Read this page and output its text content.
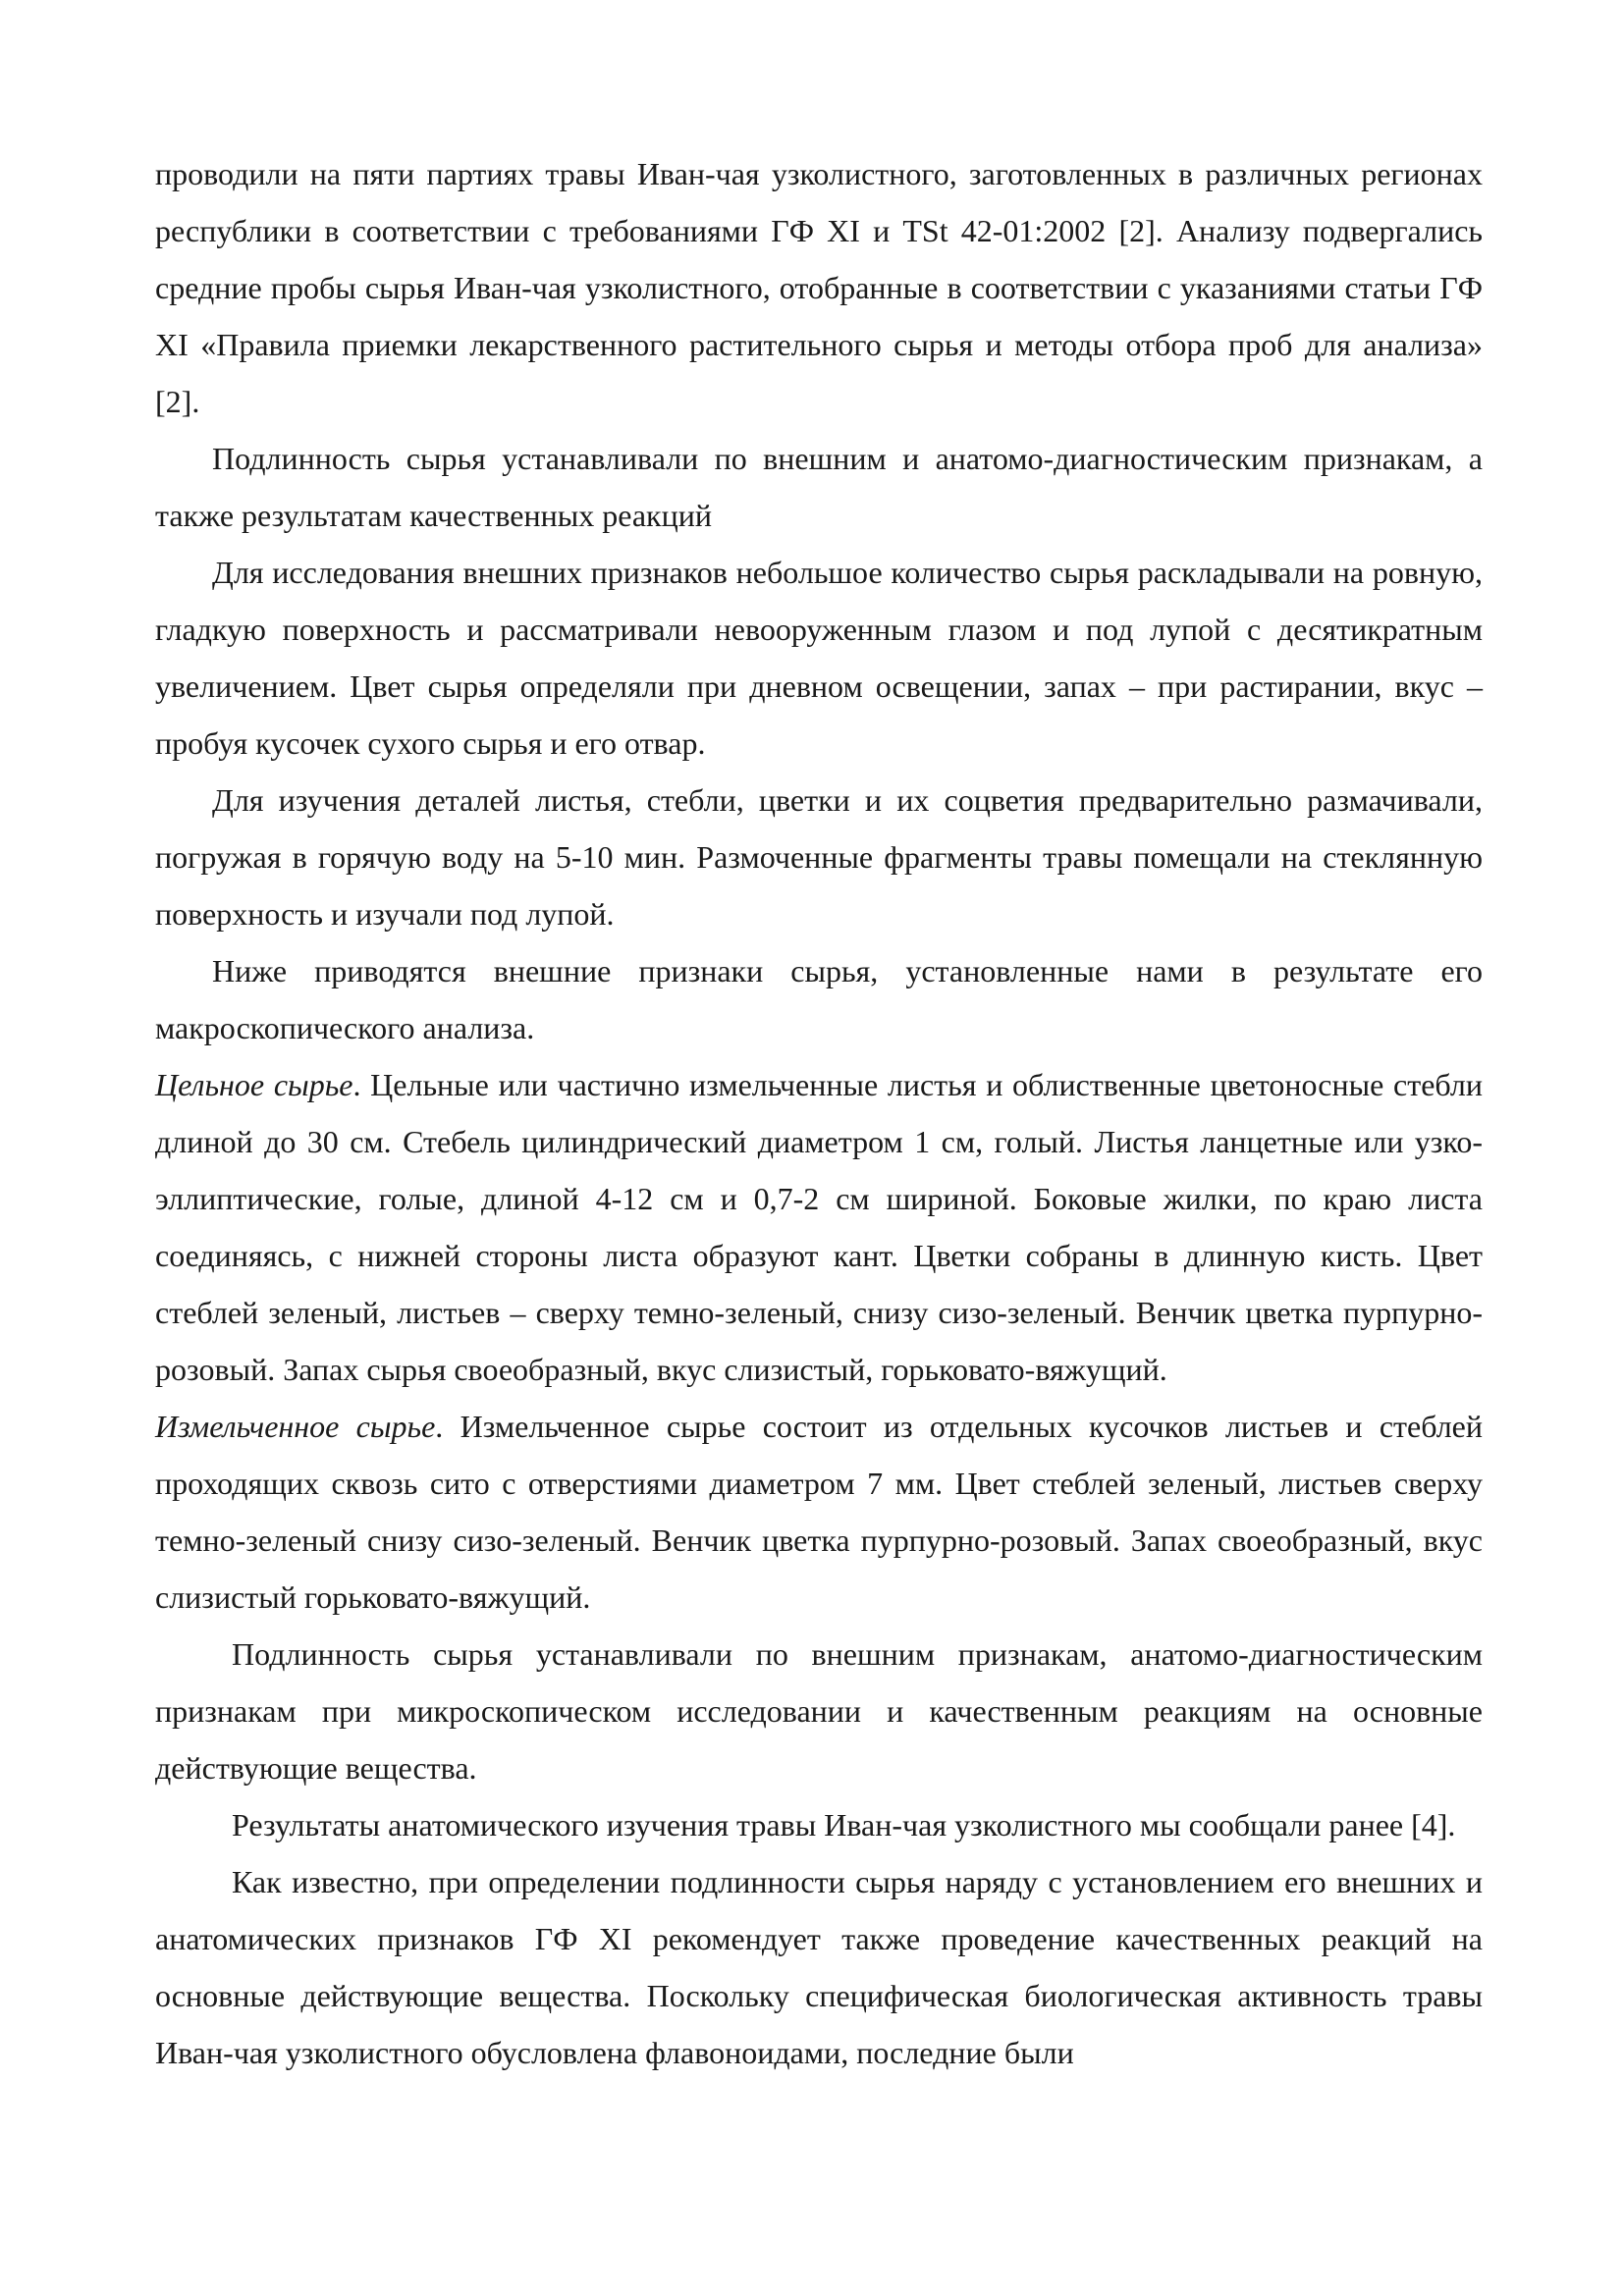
проводили на пяти партиях травы Иван-чая узколистного, заготовленных в различных регионах республики в соответствии с требованиями ГФ XI и TSt 42-01:2002 [2]. Анализу подвергались средние пробы сырья Иван-чая узколистного, отобранные в соответствии с указаниями статьи ГФ XI «Правила приемки лекарственного растительного сырья и методы отбора проб для анализа» [2].

Подлинность сырья устанавливали по внешним и анатомо-диагностическим признакам, а также результатам качественных реакций

Для исследования внешних признаков небольшое количество сырья раскладывали на ровную, гладкую поверхность и рассматривали невооруженным глазом и под лупой с десятикратным увеличением. Цвет сырья определяли при дневном освещении, запах – при растирании, вкус – пробуя кусочек сухого сырья и его отвар.

Для изучения деталей листья, стебли, цветки и их соцветия предварительно размачивали, погружая в горячую воду на 5-10 мин. Размоченные фрагменты травы помещали на стеклянную поверхность и изучали под лупой.

Ниже приводятся внешние признаки сырья, установленные нами в результате его макроскопического анализа.

Цельное сырье. Цельные или частично измельченные листья и облиственные цветоносные стебли длиной до 30 см. Стебель цилиндрический диаметром 1 см, голый. Листья ланцетные или узко-эллиптические, голые, длиной 4-12 см и 0,7-2 см шириной. Боковые жилки, по краю листа соединяясь, с нижней стороны листа образуют кант. Цветки собраны в длинную кисть. Цвет стеблей зеленый, листьев – сверху темно-зеленый, снизу сизо-зеленый. Венчик цветка пурпурно-розовый. Запах сырья своеобразный, вкус слизистый, горьковато-вяжущий.

Измельченное сырье. Измельченное сырье состоит из отдельных кусочков листьев и стеблей проходящих сквозь сито с отверстиями диаметром 7 мм. Цвет стеблей зеленый, листьев сверху темно-зеленый снизу сизо-зеленый. Венчик цветка пурпурно-розовый. Запах своеобразный, вкус слизистый горьковато-вяжущий.

Подлинность сырья устанавливали по внешним признакам, анатомо-диагностическим признакам при микроскопическом исследовании и качественным реакциям на основные действующие вещества.

Результаты анатомического изучения травы Иван-чая узколистного мы сообщали ранее [4].

Как известно, при определении подлинности сырья наряду с установлением его внешних и анатомических признаков ГФ XI рекомендует также проведение качественных реакций на основные действующие вещества. Поскольку специфическая биологическая активность травы Иван-чая узколистного обусловлена флавоноидами, последние были
